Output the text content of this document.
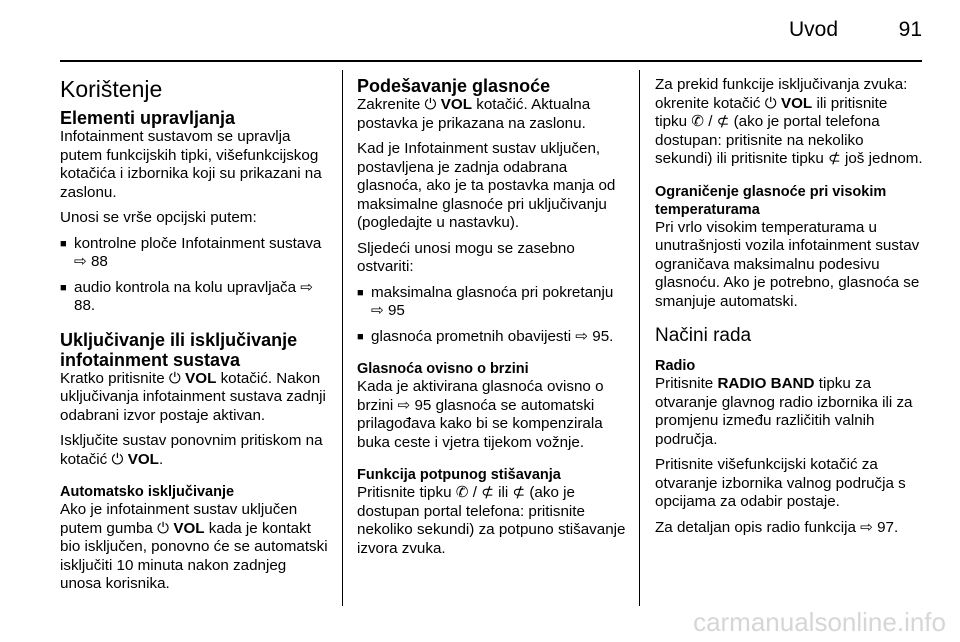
Uvod	91
Korištenje
Elementi upravljanja

Infotainment sustavom se upravlja putem funkcijskih tipki, višefunkcijskog kotačića i izbornika koji su prikazani na zaslonu.

Unosi se vrše opcijski putem:

■ kontrolne ploče Infotainment sustava ⇨ 88
■ audio kontrola na kolu upravljača ⇨ 88.
Uključivanje ili isključivanje infotainment sustava

Kratko pritisnite ⏻ VOL kotačić. Nakon uključivanja infotainment sustava zadnji odabrani izvor postaje aktivan.

Isključite sustav ponovnim pritiskom na kotačić ⏻ VOL.

Automatsko isključivanje

Ako je infotainment sustav uključen putem gumba ⏻ VOL kada je kontakt bio isključen, ponovno će se automatski isključiti 10 minuta nakon zadnjeg unosa korisnika.

Podešavanje glasnoće

Zakrenite ⏻ VOL kotačić. Aktualna postavka je prikazana na zaslonu.

Kad je Infotainment sustav uključen, postavljena je zadnja odabrana glasnoća, ako je ta postavka manja od maksimalne glasnoće pri uključivanju (pogledajte u nastavku).

Sljedeći unosi mogu se zasebno ostvariti:

■ maksimalna glasnoća pri pokretanju ⇨ 95
■ glasnoća prometnih obavijesti ⇨ 95.
Glasnoća ovisno o brzini

Kada je aktivirana glasnoća ovisno o brzini ⇨ 95 glasnoća se automatski prilagođava kako bi se kompenzirala buka ceste i vjetra tijekom vožnje.

Funkcija potpunog stišavanja

Pritisnite tipku ✆ / ⊄ ili ⊄ (ako je dostupan portal telefona: pritisnite nekoliko sekundi) za potpuno stišavanje izvora zvuka.

Za prekid funkcije isključivanja zvuka: okrenite kotačić ⏻ VOL ili pritisnite tipku ✆ / ⊄ (ako je portal telefona dostupan: pritisnite na nekoliko sekundi) ili pritisnite tipku ⊄ još jednom.

Ograničenje glasnoće pri visokim temperaturama

Pri vrlo visokim temperaturama u unutrašnjosti vozila infotainment sustav ograničava maksimalnu podesivu glasnoću. Ako je potrebno, glasnoća se smanjuje automatski.

Načini rada
Radio

Pritisnite RADIO BAND tipku za otvaranje glavnog radio izbornika ili za promjenu između različitih valnih područja.

Pritisnite višefunkcijski kotačić za otvaranje izbornika valnog područja s opcijama za odabir postaje.

Za detaljan opis radio funkcija ⇨ 97.

carmanualsonline.info
